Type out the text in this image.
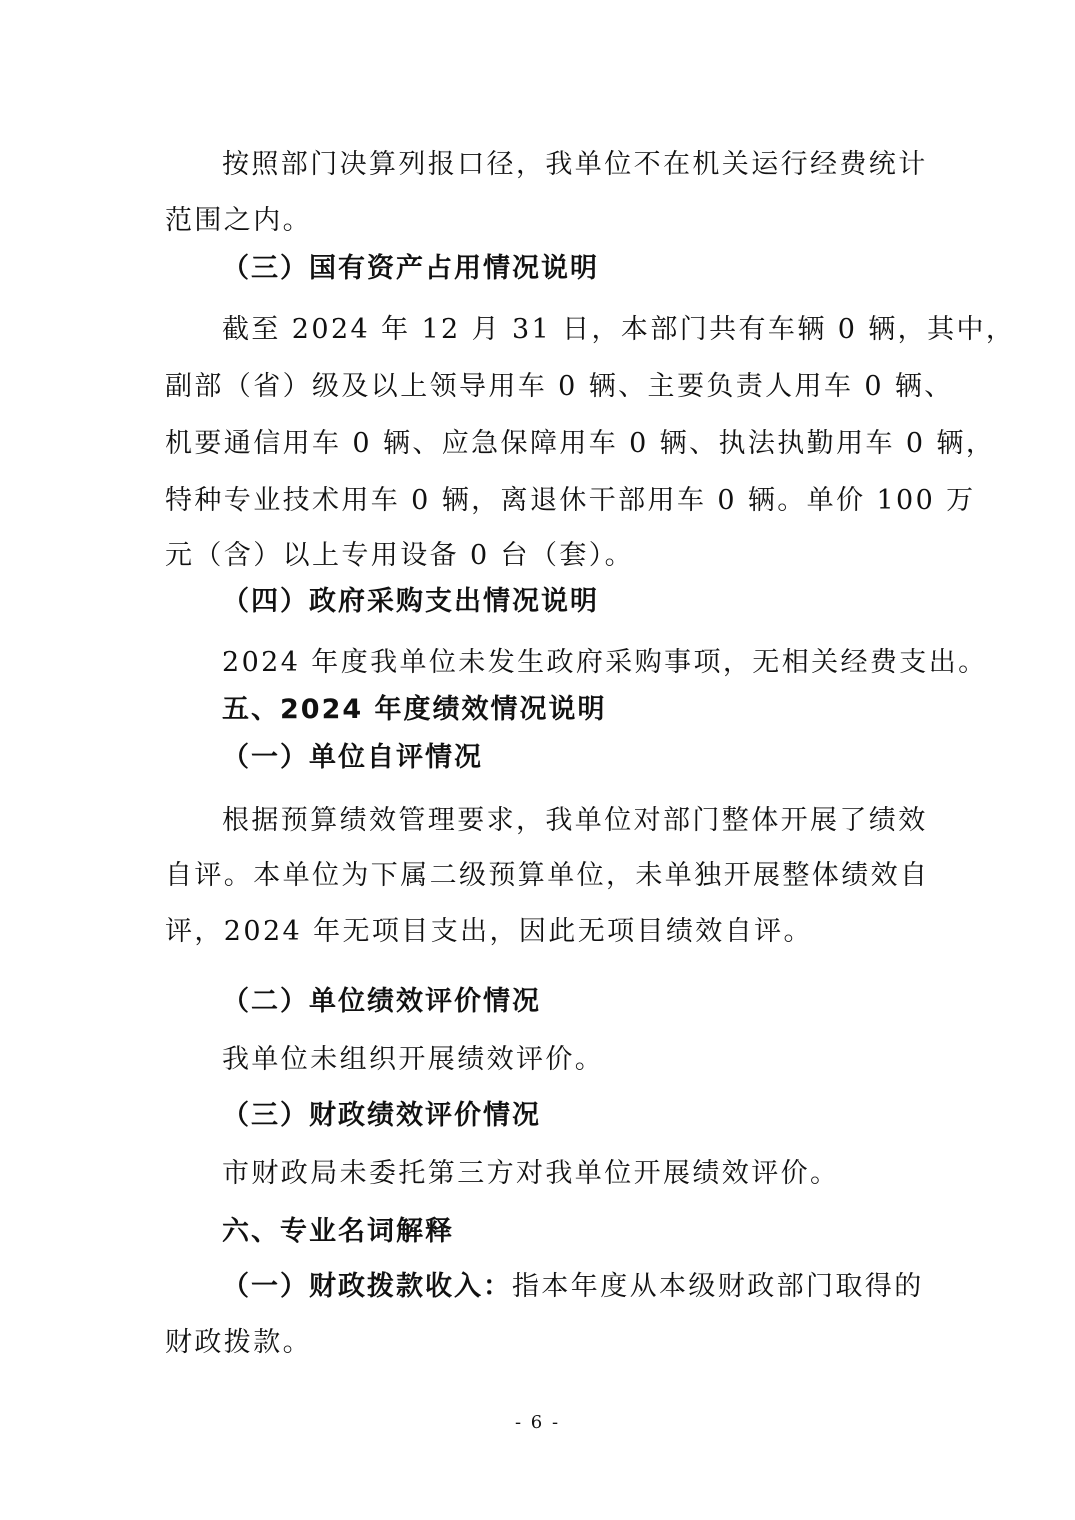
按照部门决算列报口径，我单位不在机关运行经费统计

范围之内。

（三）国有资产占用情况说明

截至 2024 年 12 月 31 日，本部门共有车辆 0 辆，其中，

副部（省）级及以上领导用车 0 辆、主要负责人用车 0 辆、

机要通信用车 0 辆、应急保障用车 0 辆、执法执勤用车 0 辆，

特种专业技术用车 0 辆，离退休干部用车 0 辆。单价 100 万

元（含）以上专用设备 0 台（套）。

（四）政府采购支出情况说明

2024 年度我单位未发生政府采购事项，无相关经费支出。

五、2024 年度绩效情况说明

（一）单位自评情况

根据预算绩效管理要求，我单位对部门整体开展了绩效

自评。本单位为下属二级预算单位，未单独开展整体绩效自

评，2024 年无项目支出，因此无项目绩效自评。

（二）单位绩效评价情况

我单位未组织开展绩效评价。

（三）财政绩效评价情况

市财政局未委托第三方对我单位开展绩效评价。

六、专业名词解释

（一）财政拨款收入：指本年度从本级财政部门取得的

财政拨款。

- 6 -
